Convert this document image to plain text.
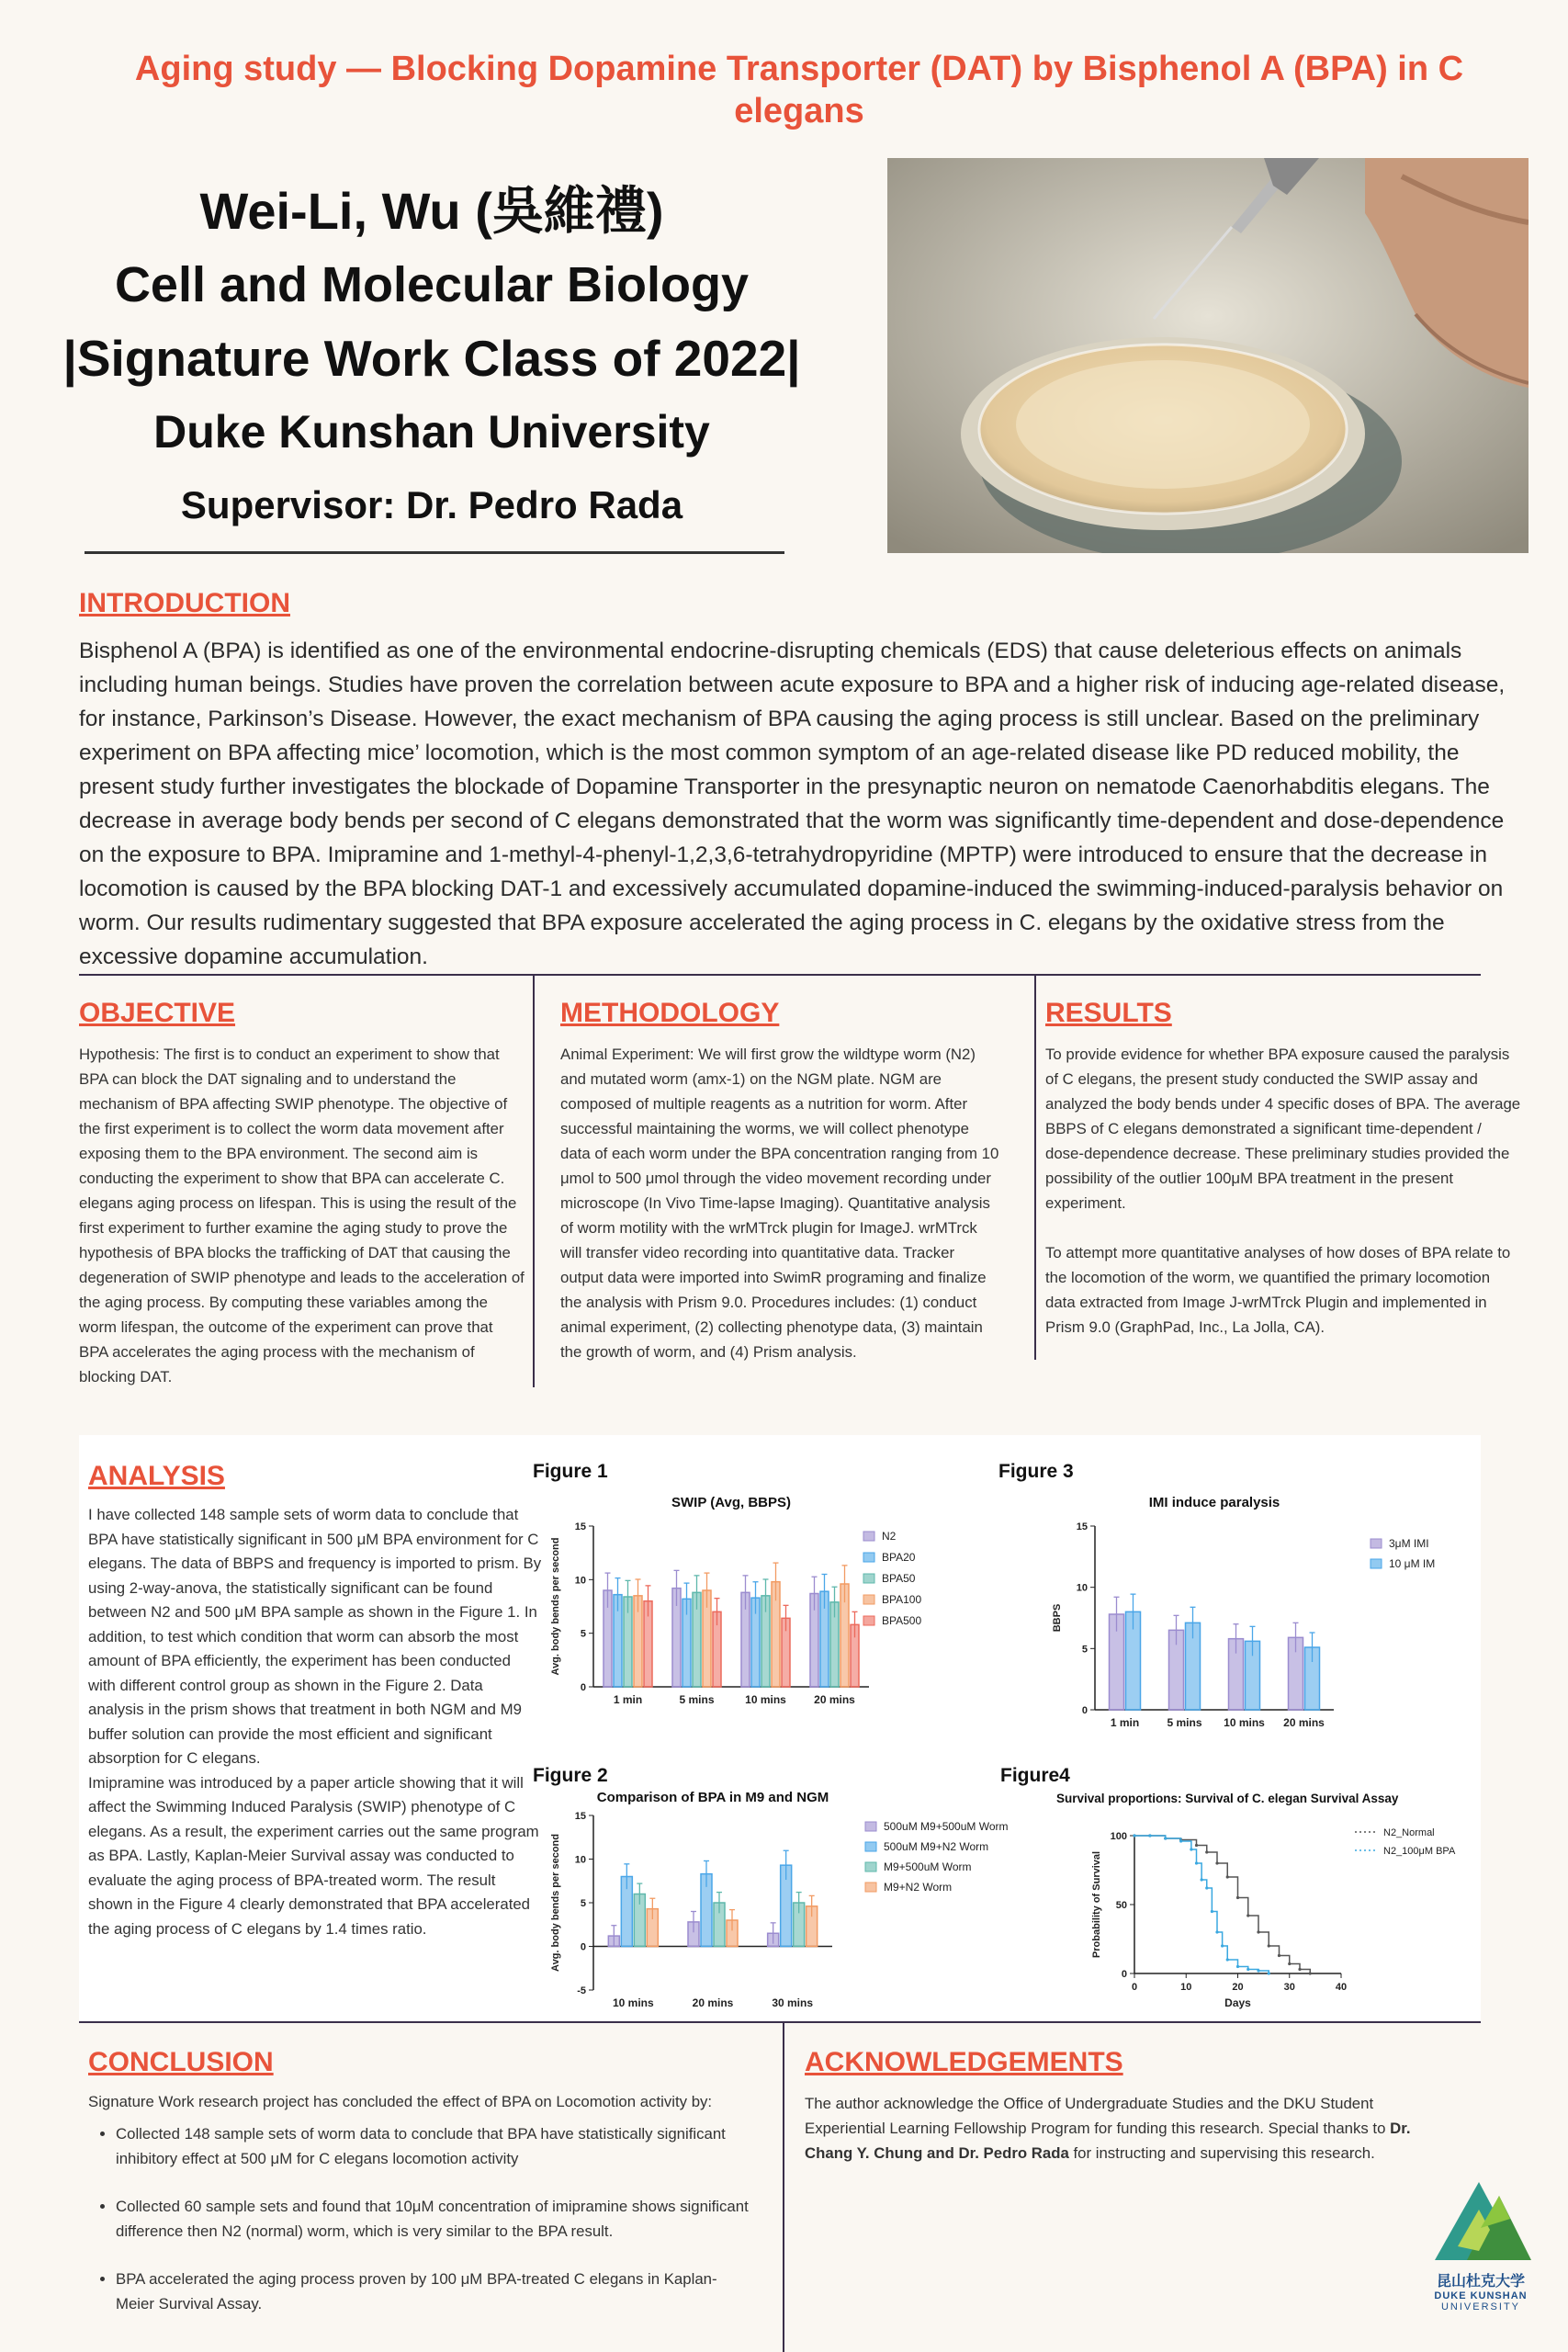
Aging study — Blocking Dopamine Transporter (DAT) by Bisphenol A (BPA) in C elegans
Wei-Li, Wu (吳維禮)
Cell and Molecular Biology
|Signature Work Class of 2022|
Duke Kunshan University
Supervisor: Dr. Pedro Rada
INTRODUCTION
Bisphenol A (BPA) is identified as one of the environmental endocrine-disrupting chemicals (EDS) that cause deleterious effects on animals including human beings. Studies have proven the correlation between acute exposure to BPA and a higher risk of inducing age-related disease, for instance, Parkinson’s Disease. However, the exact mechanism of BPA causing the aging process is still unclear. Based on the preliminary experiment on BPA affecting mice’ locomotion, which is the most common symptom of an age-related disease like PD reduced mobility, the present study further investigates the blockade of Dopamine Transporter in the presynaptic neuron on nematode Caenorhabditis elegans. The decrease in average body bends per second of C elegans demonstrated that the worm was significantly time-dependent and dose-dependence on the exposure to BPA. Imipramine and 1-methyl-4-phenyl-1,2,3,6-tetrahydropyridine (MPTP) were introduced to ensure that the decrease in locomotion is caused by the BPA blocking DAT-1 and excessively accumulated dopamine-induced the swimming-induced-paralysis behavior on worm. Our results rudimentary suggested that BPA exposure accelerated the aging process in C. elegans by the oxidative stress from the excessive dopamine accumulation.
OBJECTIVE
Hypothesis: The first is to conduct an experiment to show that BPA can block the DAT signaling and to understand the mechanism of BPA affecting SWIP phenotype. The objective of the first experiment is to collect the worm data movement after exposing them to the BPA environment. The second aim is conducting the experiment to show that BPA can accelerate C. elegans aging process on lifespan. This is using the result of the first experiment to further examine the aging study to prove the hypothesis of BPA blocks the trafficking of DAT that causing the degeneration of SWIP phenotype and leads to the acceleration of the aging process. By computing these variables among the worm lifespan, the outcome of the experiment can prove that BPA accelerates the aging process with the mechanism of blocking DAT.
METHODOLOGY
Animal Experiment: We will first grow the wildtype worm (N2) and mutated worm (amx-1) on the NGM plate. NGM are composed of multiple reagents as a nutrition for worm. After successful maintaining the worms, we will collect phenotype data of each worm under the BPA concentration ranging from 10 μmol to 500 μmol through the video movement recording under microscope (In Vivo Time-lapse Imaging). Quantitative analysis of worm motility with the wrMTrck plugin for ImageJ. wrMTrck will transfer video recording into quantitative data. Tracker output data were imported into SwimR programing and finalize the analysis with Prism 9.0. Procedures includes: (1) conduct animal experiment, (2) collecting phenotype data, (3) maintain the growth of worm, and (4) Prism analysis.
RESULTS
To provide evidence for whether BPA exposure caused the paralysis of C elegans, the present study conducted the SWIP assay and analyzed the body bends under 4 specific doses of BPA. The average BBPS of C elegans demonstrated a significant time-dependent / dose-dependence decrease. These preliminary studies provided the possibility of the outlier 100μM BPA treatment in the present experiment.
To attempt more quantitative analyses of how doses of BPA relate to the locomotion of the worm, we quantified the primary locomotion data extracted from Image J-wrMTrck Plugin and implemented in Prism 9.0 (GraphPad, Inc., La Jolla, CA).
ANALYSIS
I have collected 148 sample sets of worm data to conclude that BPA have statistically significant in 500 μM BPA environment for C elegans. The data of BBPS and frequency is imported to prism. By using 2-way-anova, the statistically significant can be found between N2 and 500 μM BPA sample as shown in the Figure 1. In addition, to test which condition that worm can absorb the most amount of BPA efficiently, the experiment has been conducted with different control group as shown in the Figure 2. Data analysis in the prism shows that treatment in both NGM and M9 buffer solution can provide the most efficient and significant absorption for C elegans.
Imipramine was introduced by a paper article showing that it will affect the Swimming Induced Paralysis (SWIP) phenotype of C elegans. As a result, the experiment carries out the same program as BPA. Lastly, Kaplan-Meier Survival assay was conducted to evaluate the aging process of BPA-treated worm. The result shown in the Figure 4 clearly demonstrated that BPA accelerated the aging process of C elegans by 1.4 times ratio.
Figure 1	Figure 3
Figure 2	Figure4
SWIP (Avg, BBPS)
0
5
10
15
Avg. body bends per second
1 min	5 mins	10 mins	20 mins
N2
BPA20
BPA50
BPA100
BPA500
IMI induce paralysis
0
5
10
15
BBPS
1 min	5 mins 10 mins 20 mins
3μM IMI
10 μM IM
Comparison of BPA in M9 and NGM
-5
0
5
10
15
Avg. body bends per second
10 mins	20 mins	30 mins
500uM M9+500uM Worm
500uM M9+N2 Worm
M9+500uM Worm
M9+N2 Worm
Survival proportions: Survival of C. elegan Survival Assay
0
50
100
0	10	20	30	40
Days
Probability of Survival
N2_Normal
N2_100μM BPA
CONCLUSION
Signature Work research project has concluded the effect of BPA on Locomotion activity by:
• Collected 148 sample sets of worm data to conclude that BPA have statistically significant inhibitory effect at 500 μM for C elegans locomotion activity
• Collected 60 sample sets and found that 10μM concentration of imipramine shows significant difference then N2 (normal) worm, which is very similar to the BPA result.
• BPA accelerated the aging process proven by 100 μM BPA-treated C elegans in Kaplan-Meier Survival Assay.
ACKNOWLEDGEMENTS
The author acknowledge the Office of Undergraduate Studies and the DKU Student Experiential Learning Fellowship Program for funding this research. Special thanks to Dr. Chang Y. Chung and Dr. Pedro Rada for instructing and supervising this research.
昆山杜克大学
DUKE KUNSHAN
UNIVERSITY
